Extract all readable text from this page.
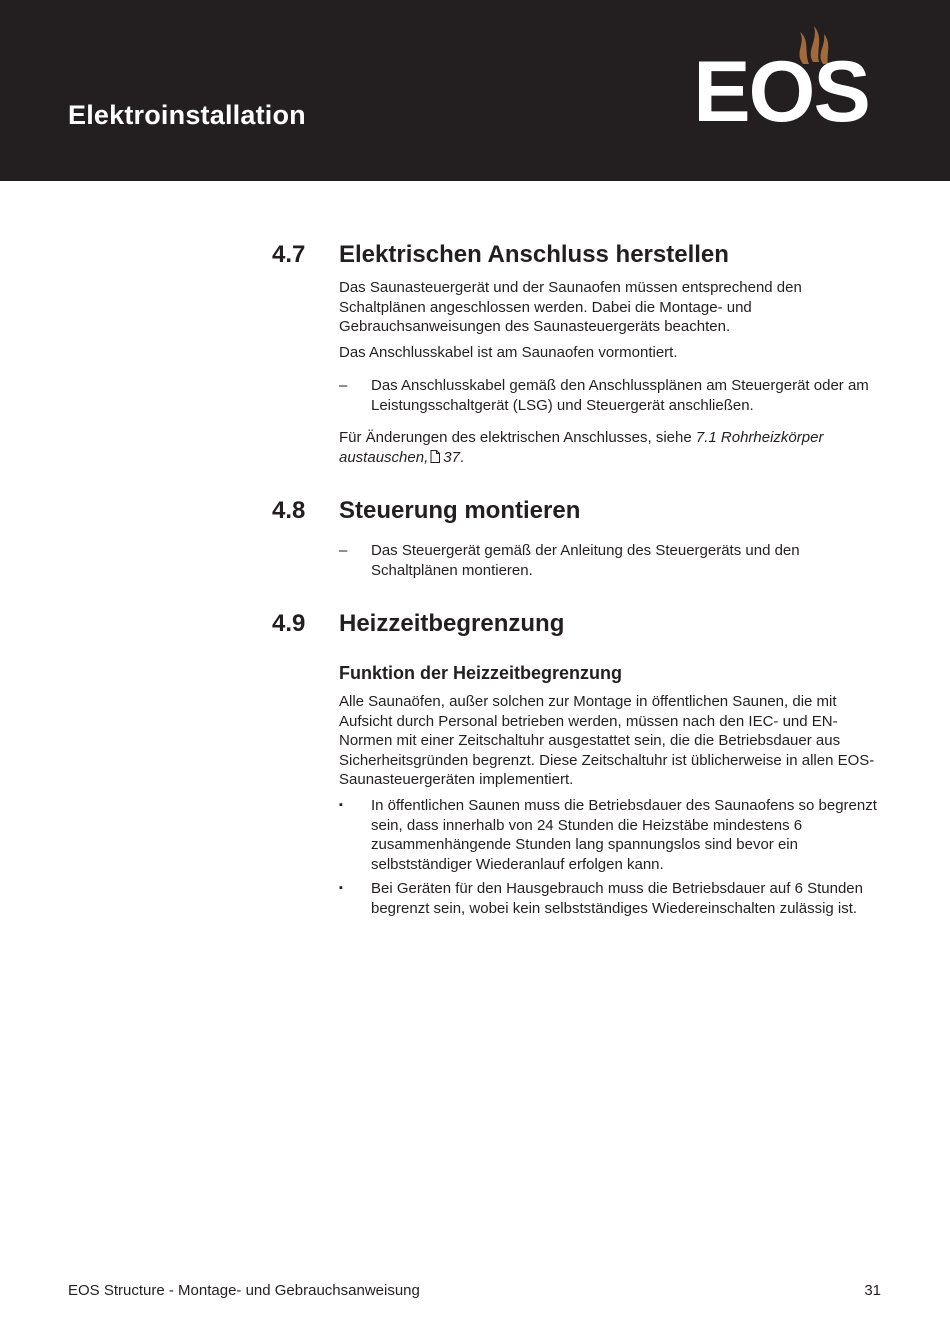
Elektroinstallation	EOS
4.7 Elektrischen Anschluss herstellen

Das Saunasteuergerät und der Saunaofen müssen entsprechend den Schaltplänen angeschlossen werden. Dabei die Montage- und Gebrauchsanweisungen des Saunasteuergeräts beachten.

Das Anschlusskabel ist am Saunaofen vormontiert.

– Das Anschlusskabel gemäß den Anschlussplänen am Steuergerät oder am Leistungsschaltgerät (LSG) und Steuergerät anschließen.

Für Änderungen des elektrischen Anschlusses, siehe 7.1 Rohrheizkörper austauschen, 37.

4.8 Steuerung montieren
– Das Steuergerät gemäß der Anleitung des Steuergeräts und den Schaltplänen montieren.
4.9 Heizzeitbegrenzung
Funktion der Heizzeitbegrenzung

Alle Saunaöfen, außer solchen zur Montage in öffentlichen Saunen, die mit Aufsicht durch Personal betrieben werden, müssen nach den IEC- und EN-Normen mit einer Zeitschaltuhr ausgestattet sein, die die Betriebsdauer aus Sicherheitsgründen begrenzt. Diese Zeitschaltuhr ist üblicherweise in allen EOS-Saunasteuergeräten implementiert.

▪ In öffentlichen Saunen muss die Betriebsdauer des Saunaofens so begrenzt sein, dass innerhalb von 24 Stunden die Heizstäbe mindestens 6 zusammenhängende Stunden lang spannungslos sind bevor ein selbstständiger Wiederanlauf erfolgen kann.
▪ Bei Geräten für den Hausgebrauch muss die Betriebsdauer auf 6 Stunden begrenzt sein, wobei kein selbstständiges Wiedereinschalten zulässig ist.
EOS Structure - Montage- und Gebrauchsanweisung	31
